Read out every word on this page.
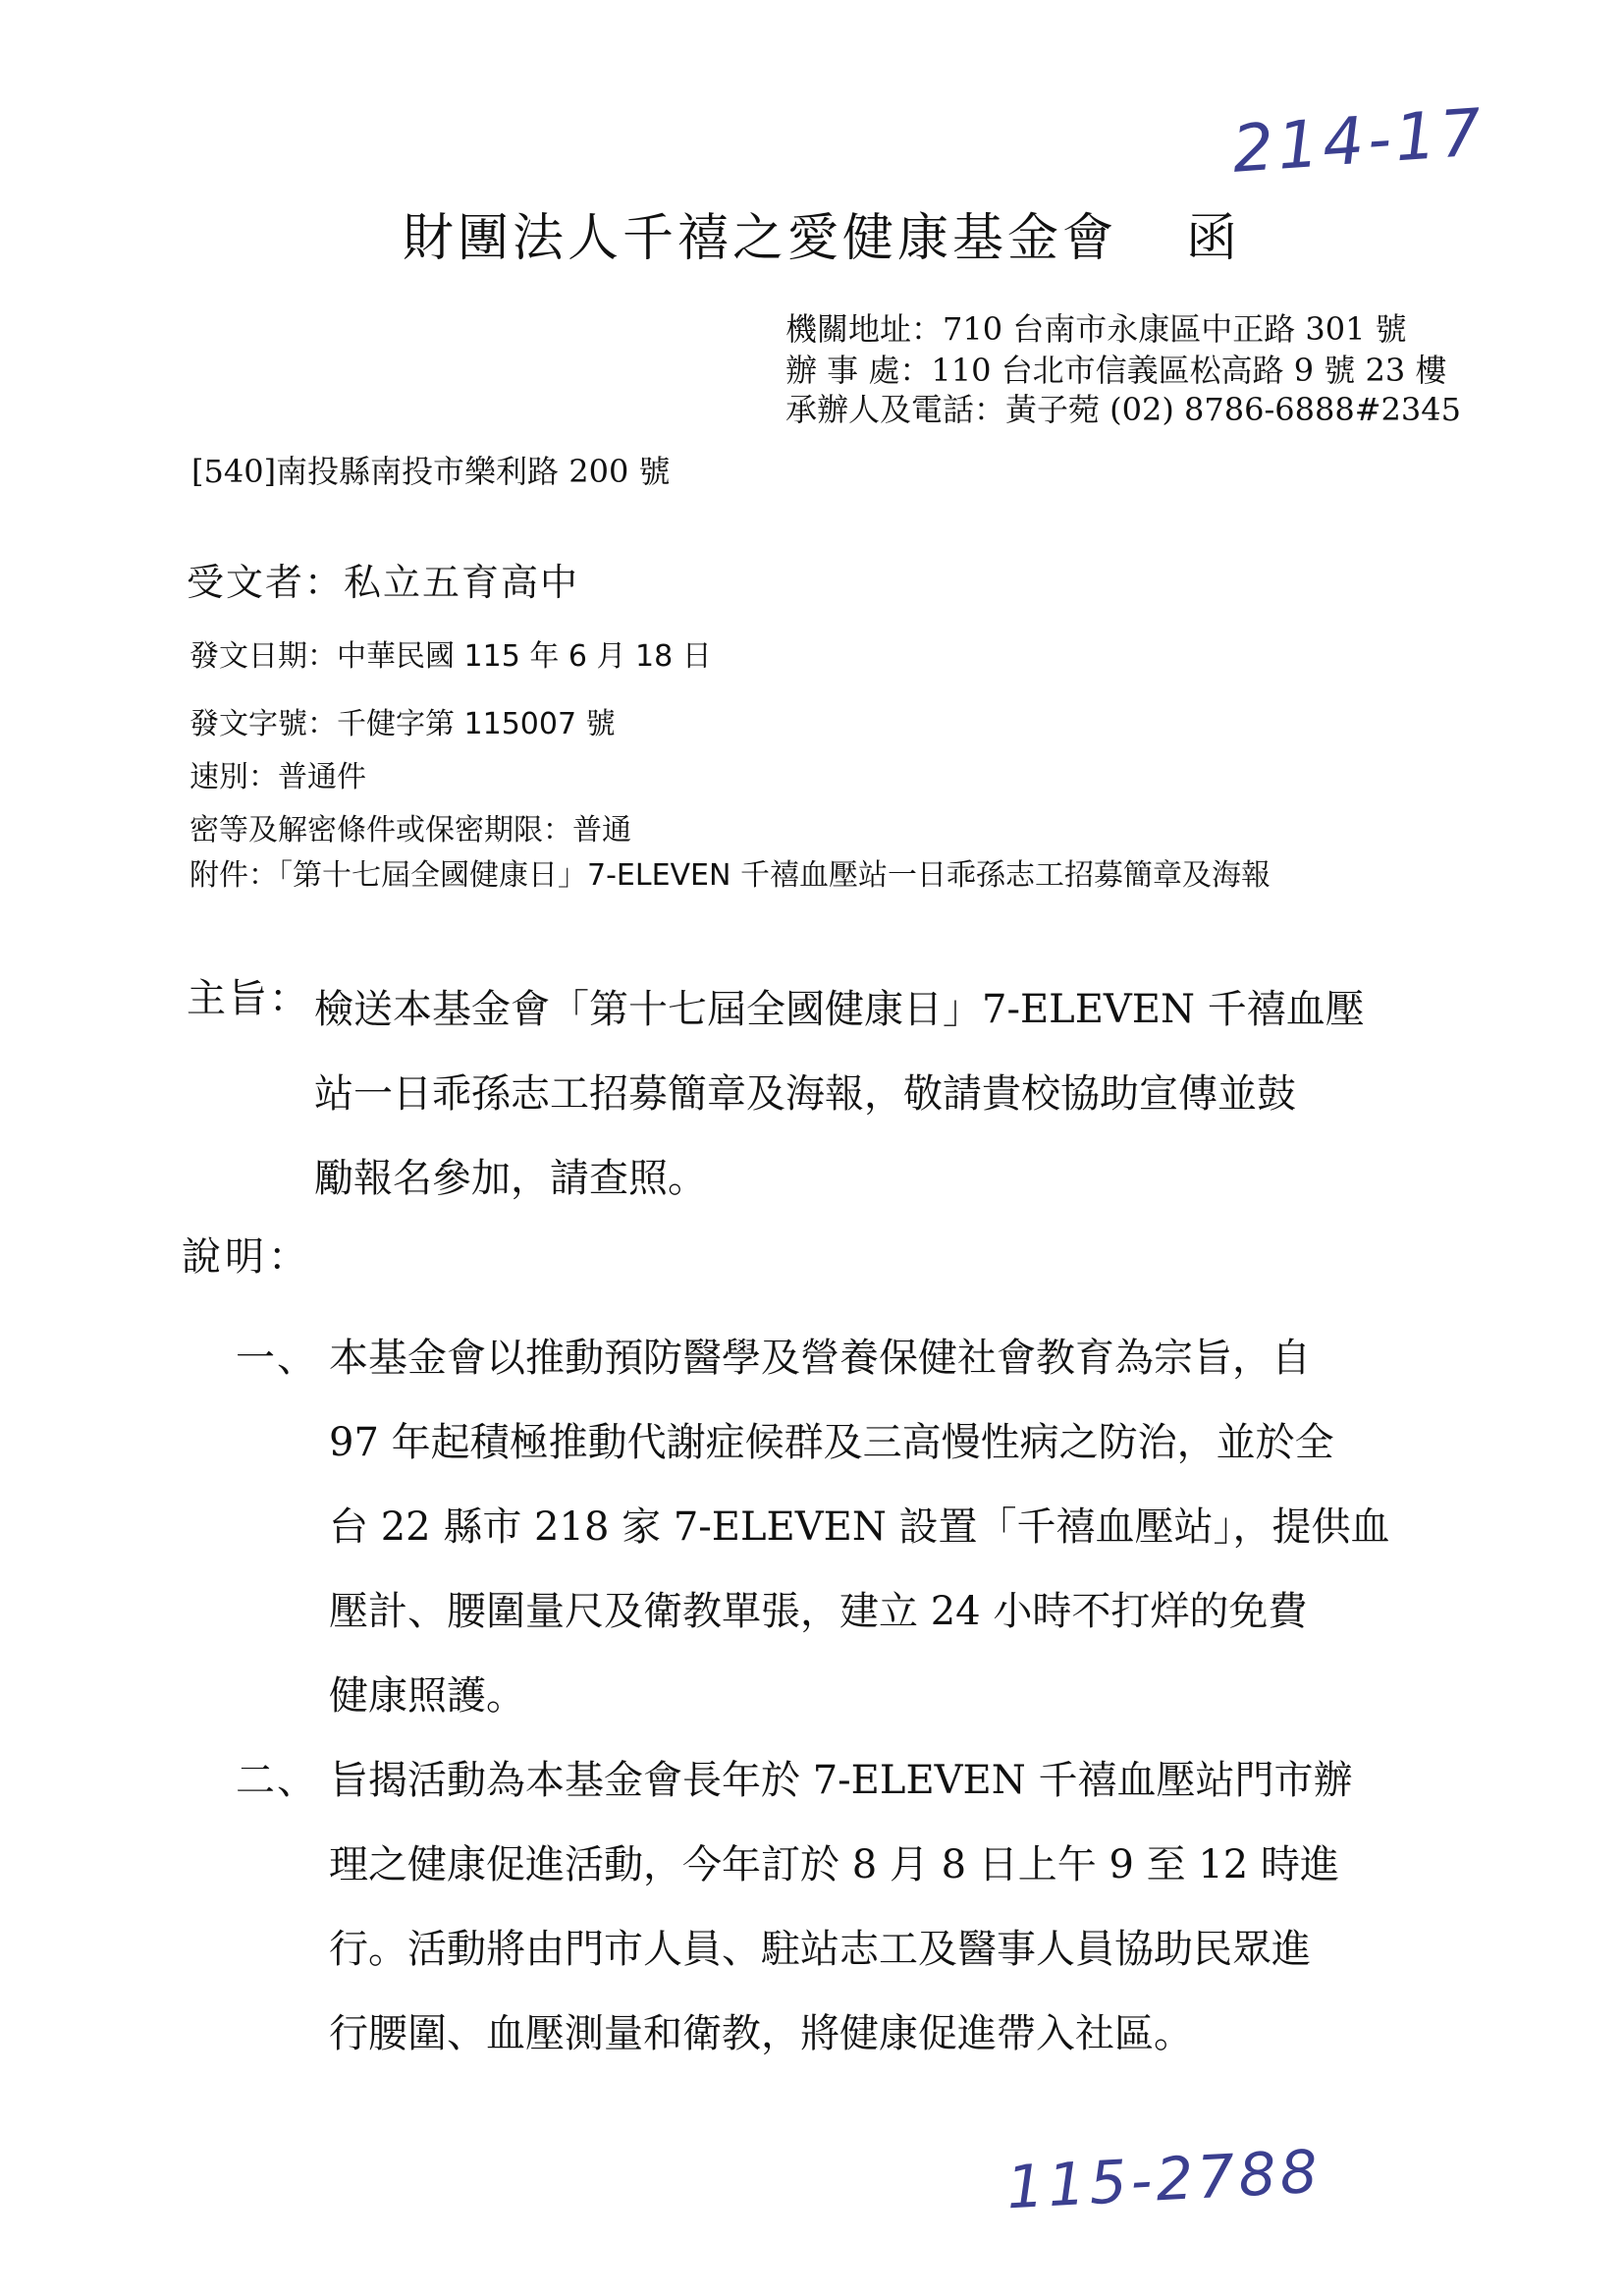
214-17
財團法人千禧之愛健康基金會 函
機關地址：710 台南市永康區中正路 301 號
辦 事 處：110 台北市信義區松高路 9 號 23 樓
承辦人及電話：黃子菀 (02) 8786-6888#2345
[540]南投縣南投市樂利路 200 號
受文者：私立五育高中
發文日期：中華民國 115 年 6 月 18 日
發文字號：千健字第 115007 號
速別：普通件
密等及解密條件或保密期限：普通
附件：「第十七屆全國健康日」7-ELEVEN 千禧血壓站一日乖孫志工招募簡章及海報
主旨： 檢送本基金會「第十七屆全國健康日」7-ELEVEN 千禧血壓
站一日乖孫志工招募簡章及海報，敬請貴校協助宣傳並鼓
勵報名參加，請查照。
說明：
一、 本基金會以推動預防醫學及營養保健社會教育為宗旨，自
97 年起積極推動代謝症候群及三高慢性病之防治，並於全
台 22 縣市 218 家 7-ELEVEN 設置「千禧血壓站」，提供血
壓計、腰圍量尺及衛教單張，建立 24 小時不打烊的免費
健康照護。
二、 旨揭活動為本基金會長年於 7-ELEVEN 千禧血壓站門市辦
理之健康促進活動，今年訂於 8 月 8 日上午 9 至 12 時進
行。活動將由門市人員、駐站志工及醫事人員協助民眾進
行腰圍、血壓測量和衛教，將健康促進帶入社區。
115-2788
